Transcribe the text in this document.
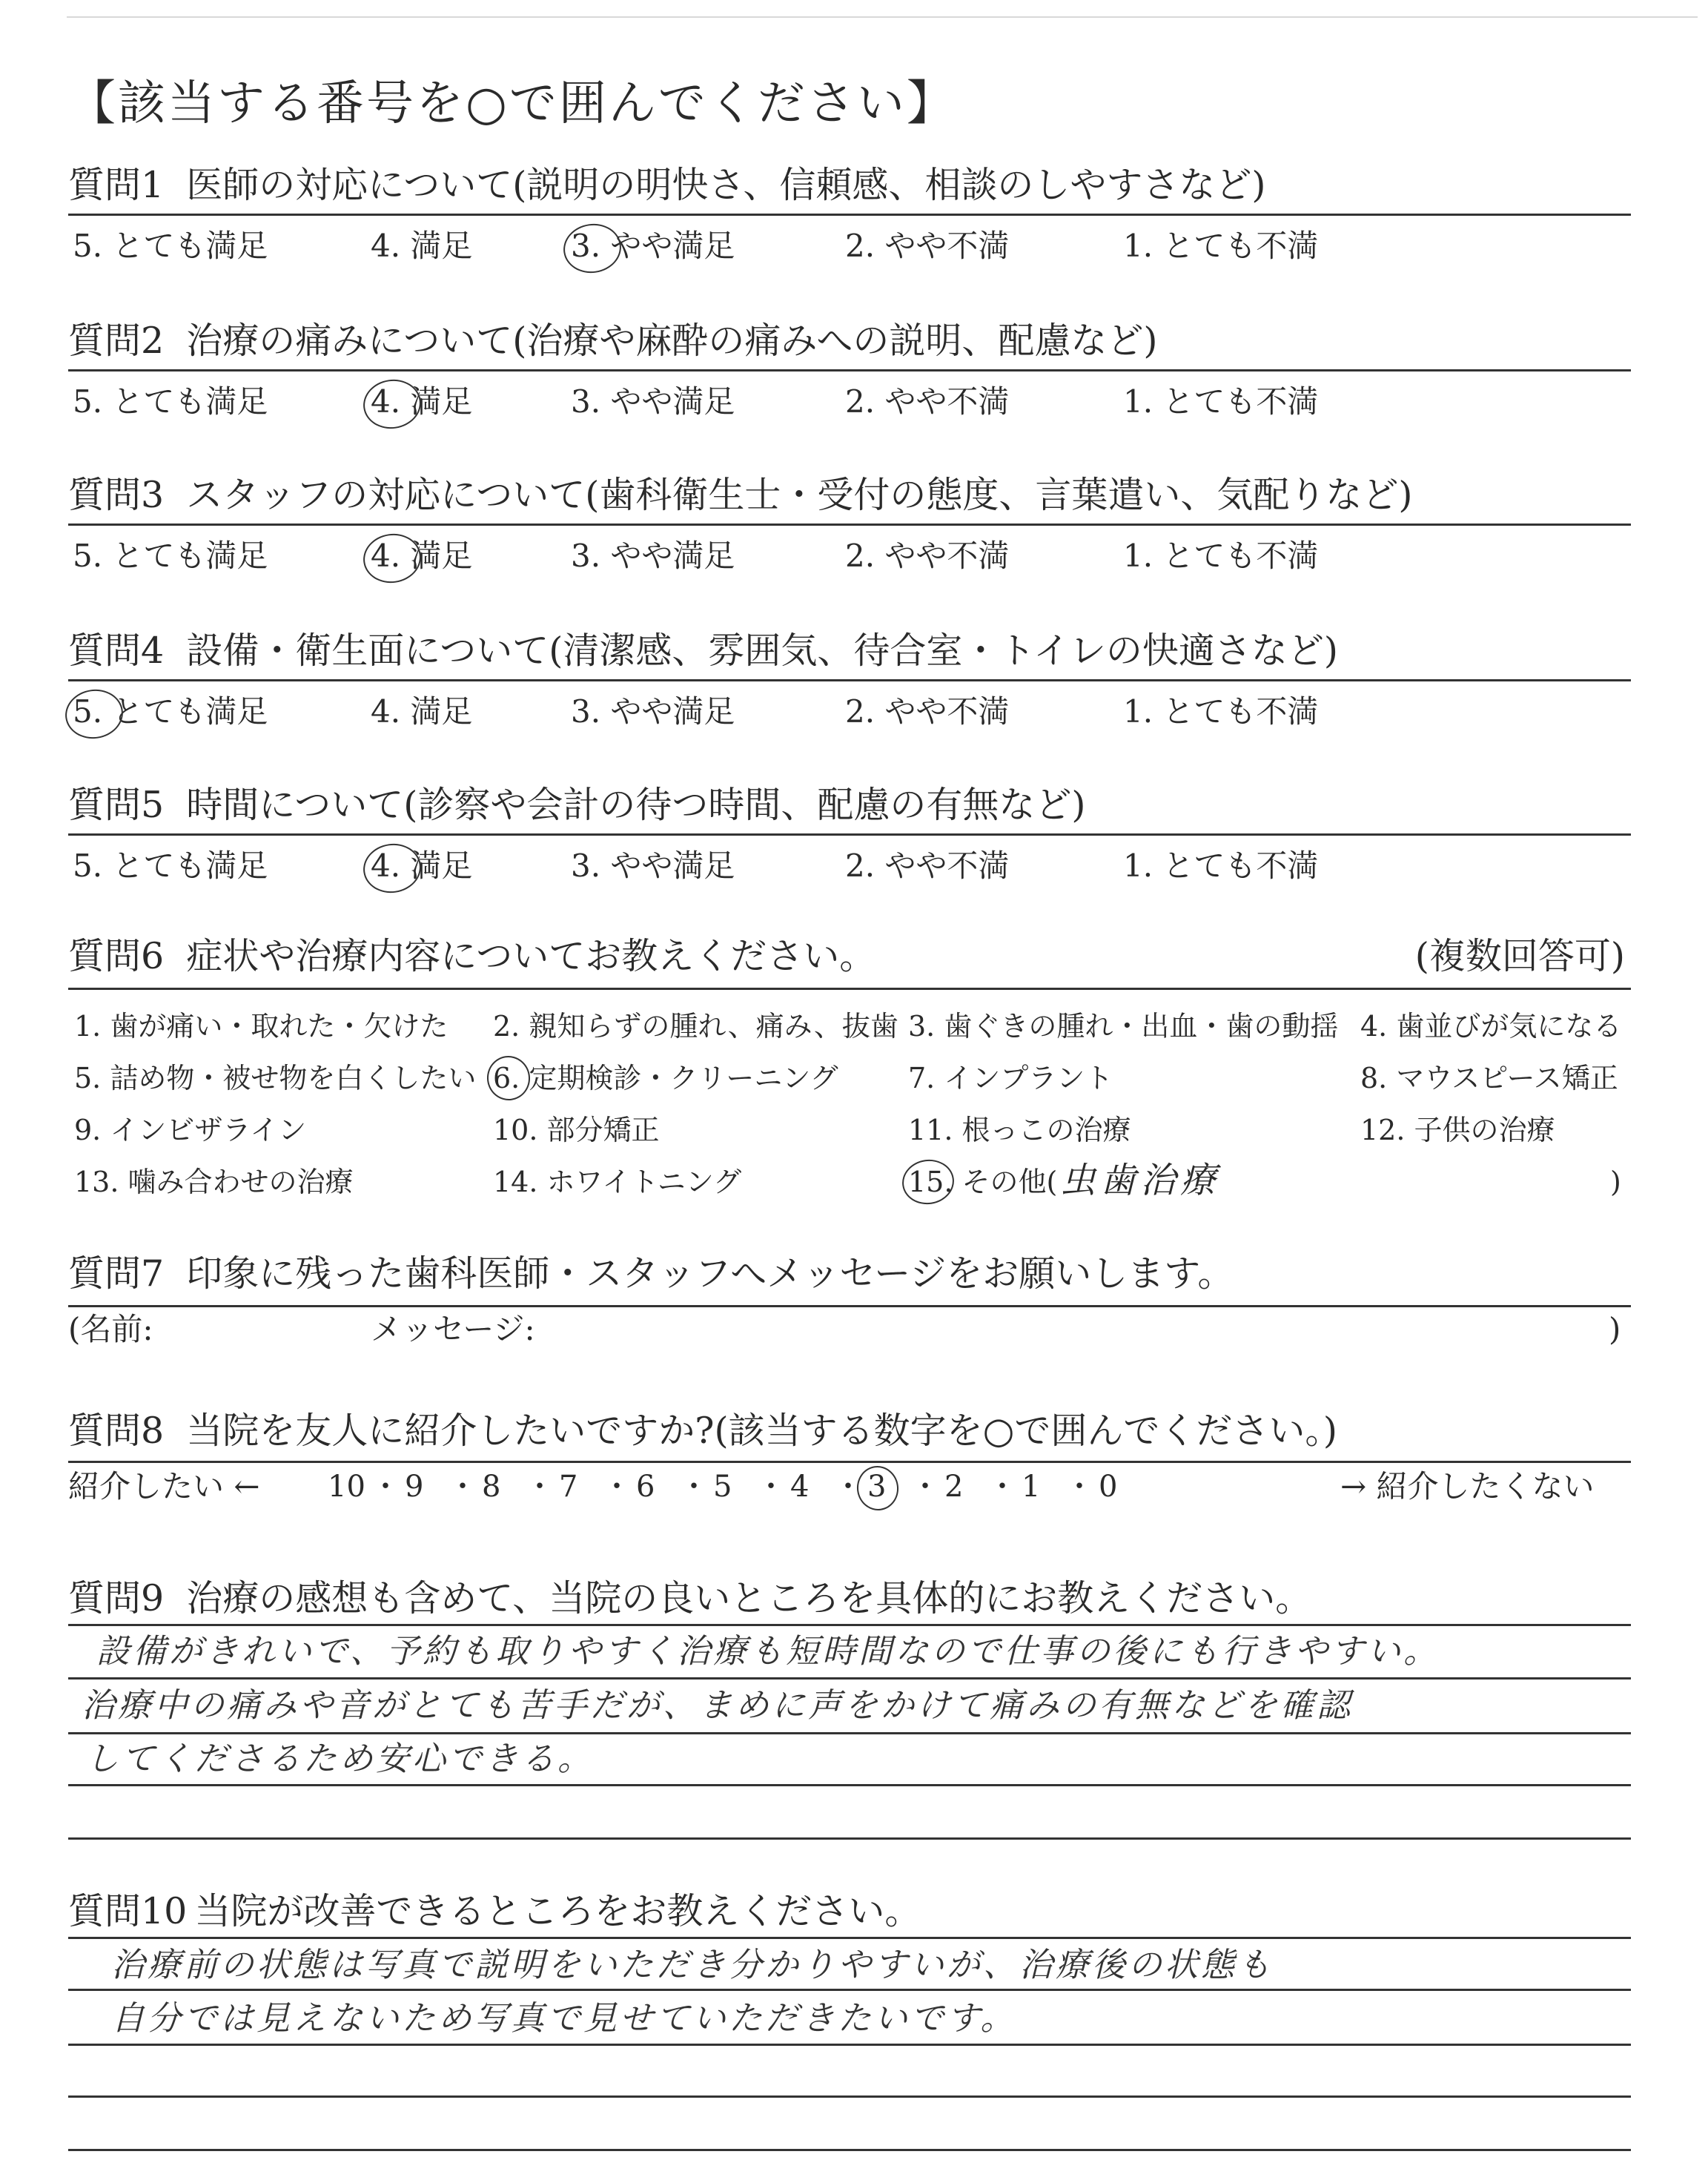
【該当する番号を○で囲んでください】
質問1 医師の対応について(説明の明快さ、信頼感、相談のしやすさなど)
5. とても満足	4. 満足	3. やや満足	2. やや不満	1. とても不満
質問2 治療の痛みについて(治療や麻酔の痛みへの説明、配慮など)
5. とても満足	4. 満足	3. やや満足	2. やや不満	1. とても不満
質問3 スタッフの対応について(歯科衛生士・受付の態度、言葉遣い、気配りなど)
5. とても満足	4. 満足	3. やや満足	2. やや不満	1. とても不満
質問4 設備・衛生面について(清潔感、雰囲気、待合室・トイレの快適さなど)
5. とても満足	4. 満足	3. やや満足	2. やや不満	1. とても不満
質問5 時間について(診察や会計の待つ時間、配慮の有無など)
5. とても満足	4. 満足	3. やや満足	2. やや不満	1. とても不満
質問6 症状や治療内容についてお教えください。	(複数回答可)
1. 歯が痛い・取れた・欠けた 2. 親知らずの腫れ、痛み、抜歯 3. 歯ぐきの腫れ・出血・歯の動揺 4. 歯並びが気になる
5. 詰め物・被せ物を白くしたい 6. 定期検診・クリーニング 7. インプラント	8. マウスピース矯正
9. インビザライン	10. 部分矯正	11. 根っこの治療	12. 子供の治療
13. 噛み合わせの治療	14. ホワイトニング	15. その他(	)
虫歯治療
質問7 印象に残った歯科医師・スタッフへメッセージをお願いします。
(名前:	メッセージ:	)
質問8 当院を友人に紹介したいですか?(該当する数字を○で囲んでください。)
紹介したい ←	→ 紹介したくない
10 ・ 9 ・ 8 ・ 7 ・ 6 ・ 5 ・ 4 ・ 3 ・ 2 ・ 1 ・ 0
質問9 治療の感想も含めて、当院の良いところを具体的にお教えください。
設備がきれいで、予約も取りやすく治療も短時間なので仕事の後にも行きやすい。
治療中の痛みや音がとても苦手だが、まめに声をかけて痛みの有無などを確認
してくださるため安心できる。
質問10 当院が改善できるところをお教えください。
治療前の状態は写真で説明をいただき分かりやすいが、治療後の状態も
自分では見えないため写真で見せていただきたいです。
